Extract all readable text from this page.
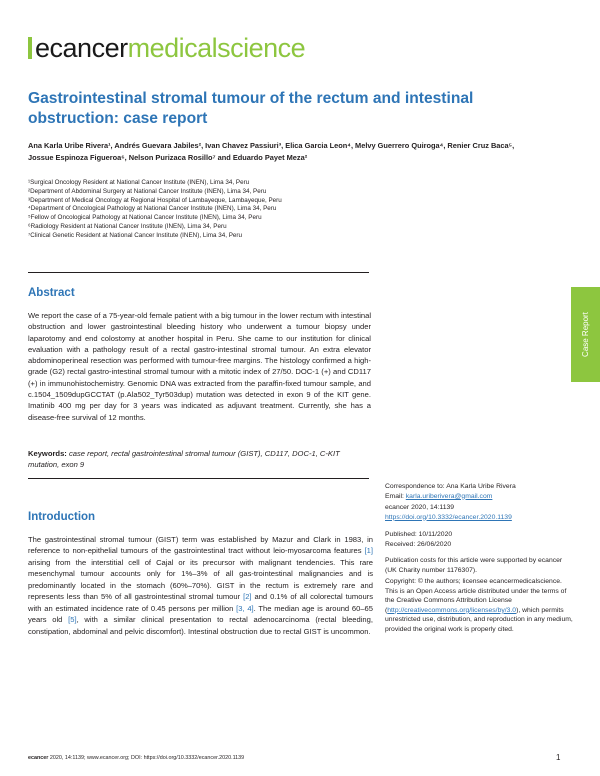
e cancer medicalscience
Gastrointestinal stromal tumour of the rectum and intestinal obstruction: case report
Ana Karla Uribe Rivera¹, Andrés Guevara Jabiles², Ivan Chavez Passiuri³, Elica Garcia Leon⁴, Melvy Guerrero Quiroga⁴, Renier Cruz Baca⁵,
Jossue Espinoza Figueroa⁶, Nelson Purizaca Rosillo⁷ and Eduardo Payet Meza²
¹Surgical Oncology Resident at National Cancer Institute (INEN), Lima 34, Peru
²Department of Abdominal Surgery at National Cancer Institute (INEN), Lima 34, Peru
³Department of Medical Oncology at Regional Hospital of Lambayeque, Lambayeque, Peru
⁴Department of Oncological Pathology at National Cancer Institute (INEN), Lima 34, Peru
⁵Fellow of Oncological Pathology at National Cancer Institute (INEN), Lima 34, Peru
⁶Radiology Resident at National Cancer Institute (INEN), Lima 34, Peru
⁷Clinical Genetic Resident at National Cancer Institute (INEN), Lima 34, Peru
Abstract

We report the case of a 75-year-old female patient with a big tumour in the lower rectum with intestinal obstruction and lower gastrointestinal bleeding history who underwent a tumour biopsy under laparotomy and end colostomy at another hospital in Peru. She came to our institution for clinical evaluation with a pathology result of a rectal gastro-intestinal stromal tumour. An extra elevator abdominoperineal resection was performed with tumour-free margins. The histology confirmed a high-grade (G2) rectal gastro-intestinal stromal tumour with a mitotic index of 27/50. DOC-1 (+) and CD117 (+) in immunohistochemistry. Genomic DNA was extracted from the paraffin-fixed tumour sample, and c.1504_1509dupGCCTAT (p.Ala502_Tyr503dup) mutation was detected in exon 9 of the KIT gene. Imatinib 400 mg per day for 3 years was indicated as adjuvant treatment. Currently, she has a disease-free survival of 12 months.

Keywords: case report, rectal gastrointestinal stromal tumour (GIST), CD117, DOC-1, C-KIT mutation, exon 9

Case Report
Correspondence to: Ana Karla Uribe Rivera
Email: karla.uriberivera@gmail.com
ecancer 2020, 14:1139
https://doi.org/10.3332/ecancer.2020.1139
Published: 10/11/2020
Received: 26/06/2020
Publication costs for this article were supported by ecancer (UK Charity number 1176307).
Copyright: © the authors; licensee ecancermedicalscience. This is an Open Access article distributed under the terms of the Creative Commons Attribution License (http://creativecommons.org/licenses/by/3.0), which permits unrestricted use, distribution, and reproduction in any medium, provided the original work is properly cited.
Introduction

The gastrointestinal stromal tumour (GIST) term was established by Mazur and Clark in 1983, in reference to non-epithelial tumours of the gastrointestinal tract without leio-myosarcoma features [1] arising from the interstitial cell of Cajal or its precursor with malignant tendencies. This rare mesenchymal tumour accounts only for 1%–3% of all gas-trointestinal malignancies and is predominantly located in the stomach (60%–70%). GIST in the rectum is extremely rare and represents less than 5% of all gastrointestinal stromal tumour [2] and 0.1% of all colorectal tumours with an estimated incidence rate of 0.45 persons per million [3, 4]. The median age is around 60–65 years old [5], with a similar clinical presentation to rectal adenocarcinoma (rectal bleeding, constipation, abdominal and pelvic discomfort). Intestinal obstruction due to rectal GIST is uncommon.

ecancer 2020, 14:1139; www.ecancer.org; DOI: https://doi.org/10.3332/ecancer.2020.1139	1
